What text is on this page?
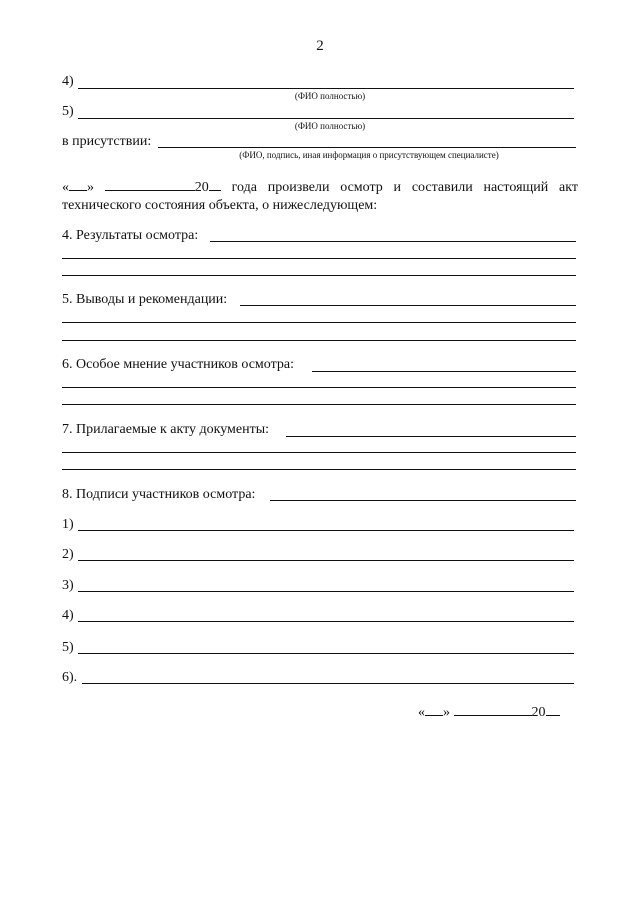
2
4)
(ФИО полностью)
5)
(ФИО полностью)
в присутствии:
(ФИО, подпись, иная информация о присутствующем специалисте)
« »	20 года произвели осмотр и составили настоящий акт
технического состояния объекта, о нижеследующем:
4. Результаты осмотра:
5. Выводы и рекомендации:
6. Особое мнение участников осмотра:
7. Прилагаемые к акту документы:
8. Подписи участников осмотра:
1)
2)
3)
4)
5)
6).
« »	20
